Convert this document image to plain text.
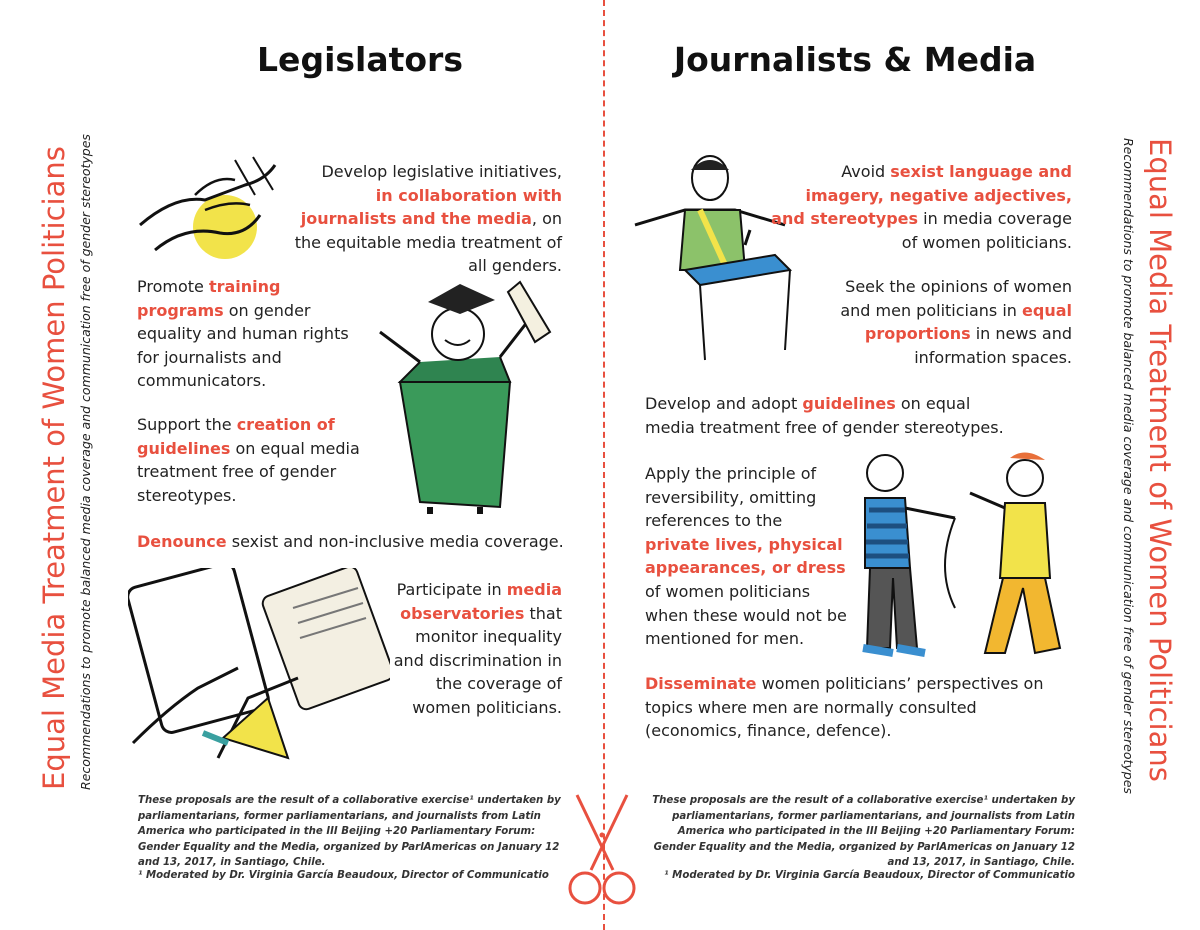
Equal Media Treatment of Women Politicians Recommendations to promote balanced media coverage and communication free of gender stereotypes	Equal Media Treatment of Women Politicians
Recommendations to promote balanced media coverage and communication free of gender stereotypes
Legislators	Journalists & Media
Develop legislative initiatives,
in collaboration with journalists and the media, on the equitable media treatment of all genders.
Promote training programs on gender equality and human rights for journalists and communicators.
Support the creation of guidelines on equal media treatment free of gender stereotypes.
Denounce sexist and non-inclusive media coverage.
Participate in media observatories that monitor inequality and discrimination in the coverage of women politicians.
These proposals are the result of a collaborative exercise¹ undertaken by parliamentarians, former parliamentarians, and journalists from Latin America who participated in the III Beijing +20 Parliamentary Forum: Gender Equality and the Media, organized by ParlAmericas on January 12 and 13, 2017, in Santiago, Chile.
¹ Moderated by Dr. Virginia García Beaudoux, Director of Communicatio
Avoid sexist language and imagery, negative adjectives, and stereotypes in media coverage of women politicians.
Seek the opinions of women and men politicians in equal proportions in news and information spaces.
Develop and adopt guidelines on equal media treatment free of gender stereotypes.
Apply the principle of reversibility, omitting references to the private lives, physical appearances, or dress of women politicians when these would not be mentioned for men.
Disseminate women politicians’ perspectives on topics where men are normally consulted (economics, finance, defence).
These proposals are the result of a collaborative exercise¹ undertaken by parliamentarians, former parliamentarians, and journalists from Latin America who participated in the III Beijing +20 Parliamentary Forum: Gender Equality and the Media, organized by ParlAmericas on January 12 and 13, 2017, in Santiago, Chile.
¹ Moderated by Dr. Virginia García Beaudoux, Director of Communicatio
